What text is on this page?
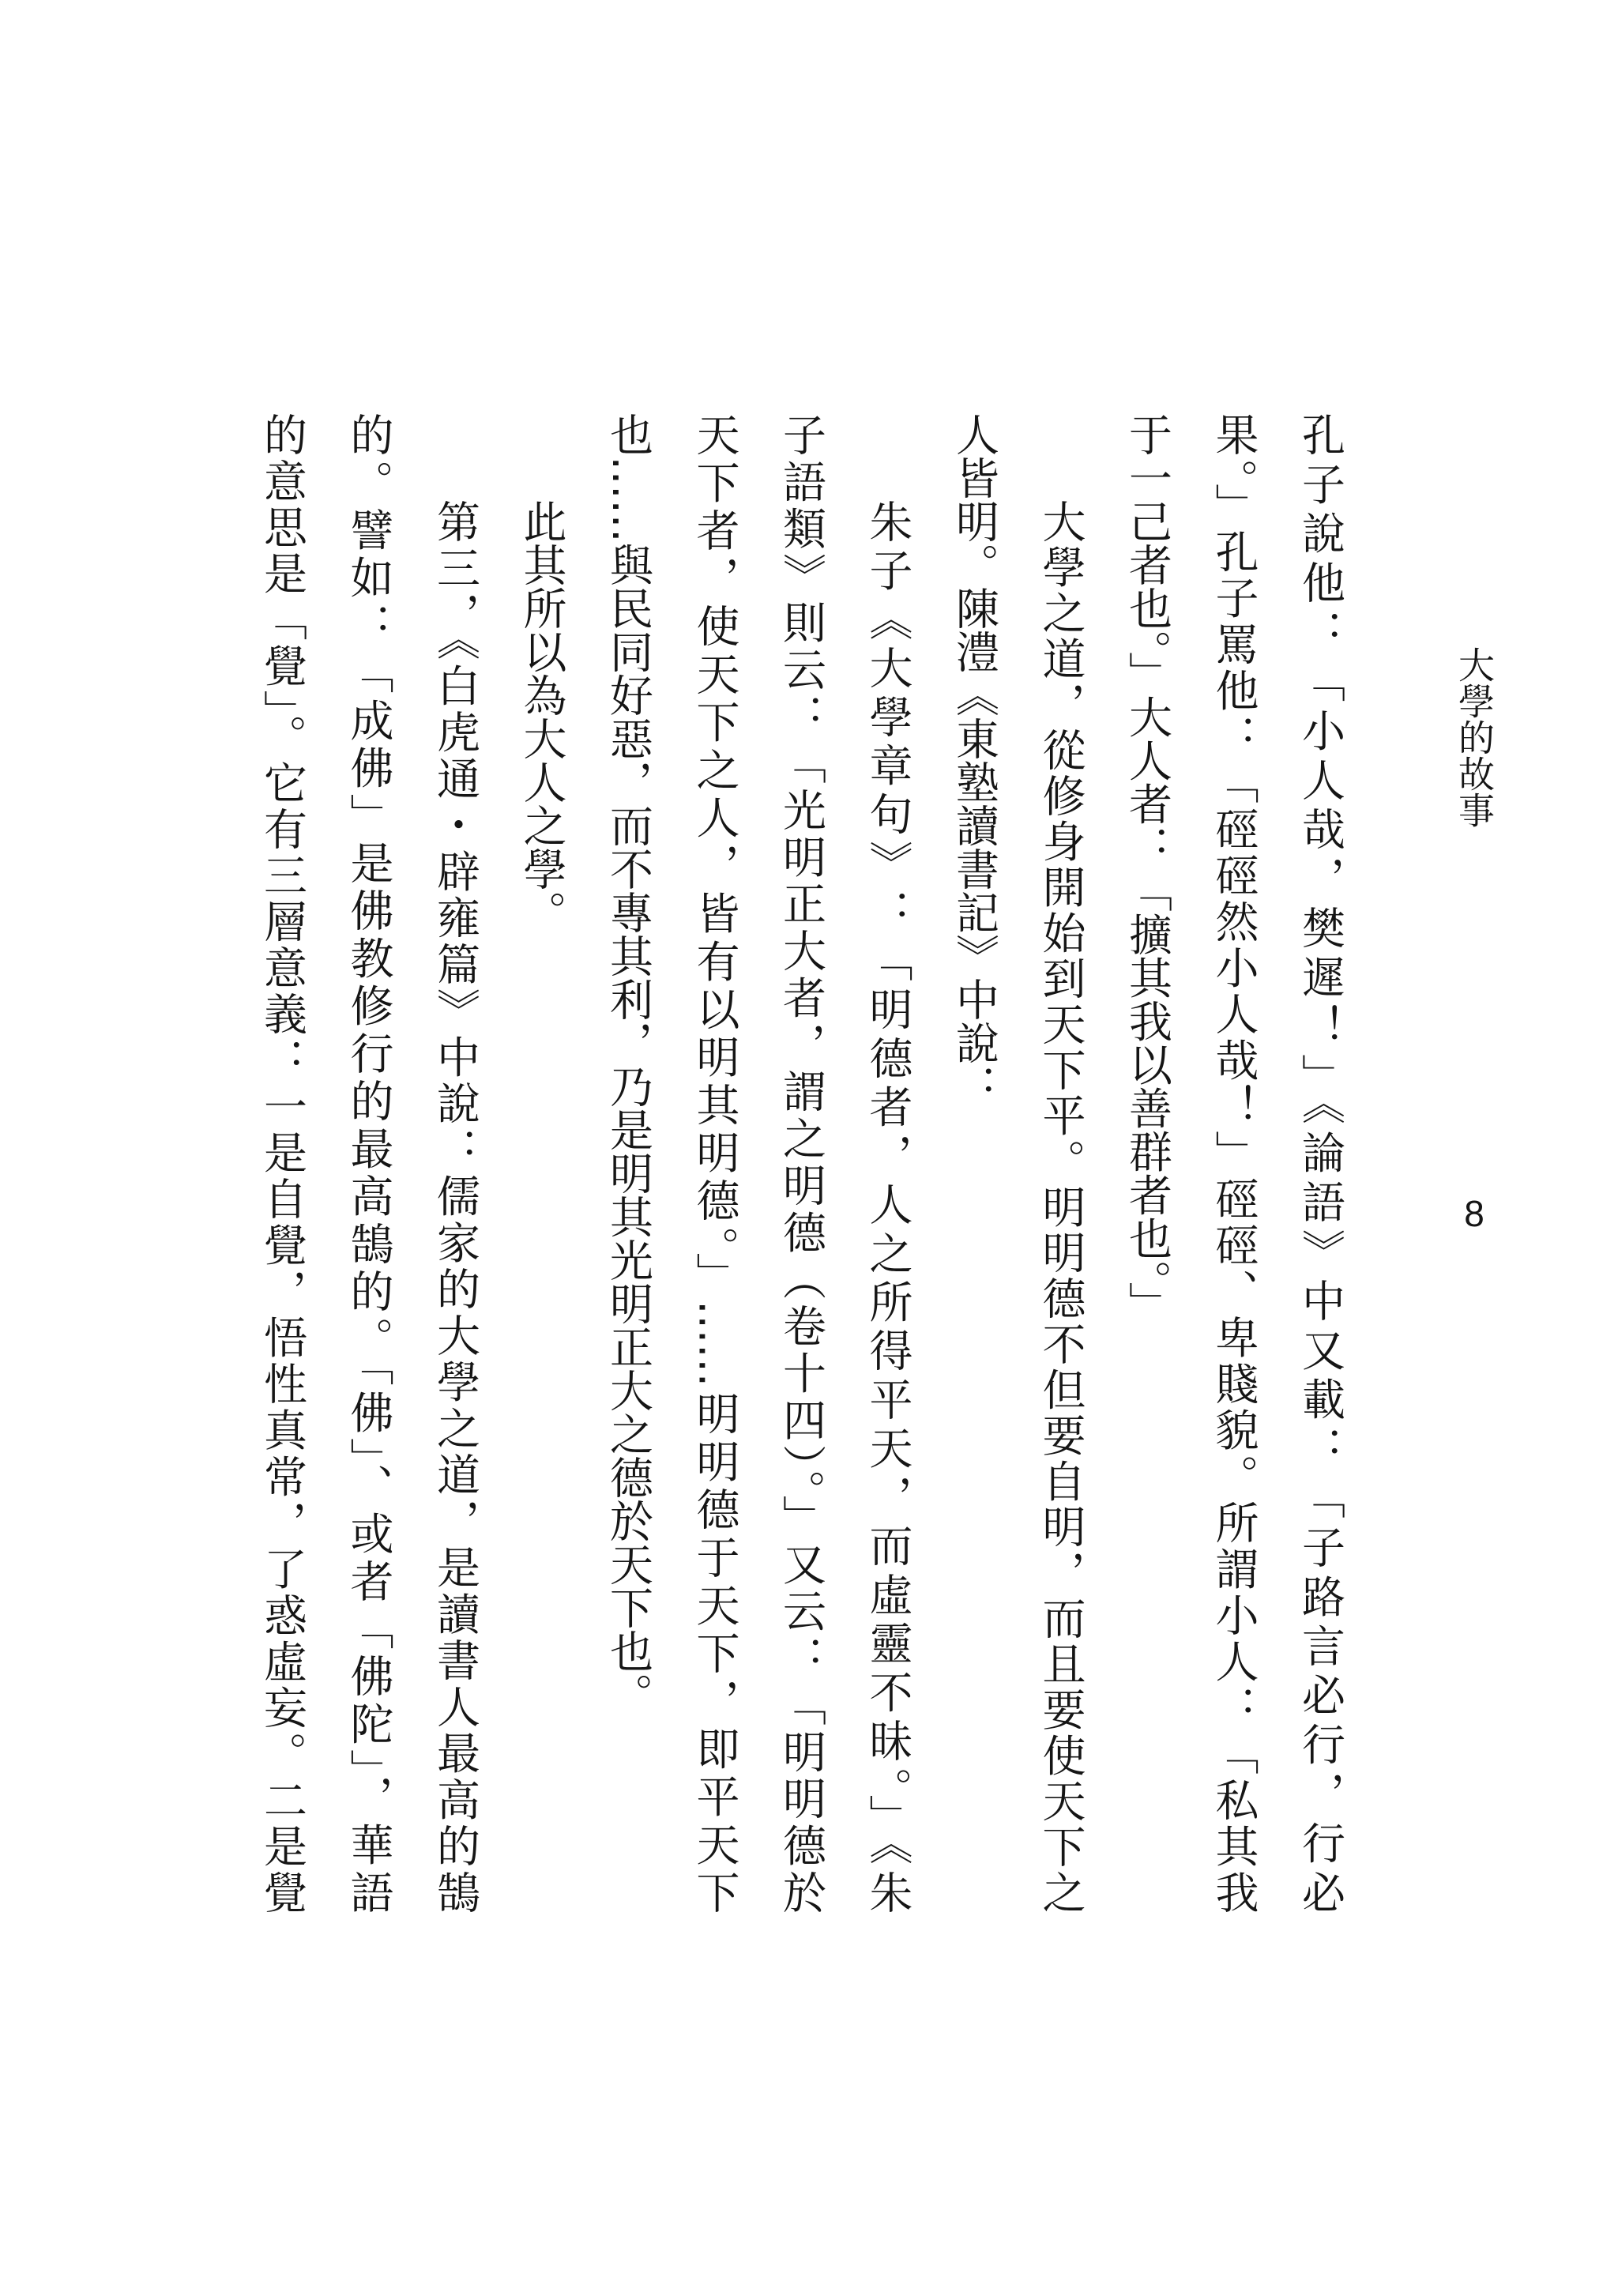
大學的故事
8
孔子說他：「小人哉，樊遲！」《論語》中又載：「子路言必行，行必
果。」孔子罵他：「硜硜然小人哉！」硜硜、卑賤貌。所謂小人：「私其我
于一己者也。」大人者：「擴其我以善群者也。」
大學之道，從修身開始到天下平。明明德不但要自明，而且要使天下之
人皆明。陳澧《東塾讀書記》中說：
朱子《大學章句》：「明德者，人之所得平天，而虛靈不昧。」《朱
子語類》則云：「光明正大者，謂之明德（卷十四）。」又云：「明明德於
天下者，使天下之人，皆有以明其明德。」……明明德于天下，即平天下
也……與民同好惡，而不專其利，乃是明其光明正大之德於天下也。
此其所以為大人之學。
第三，《白虎通・辟雍篇》中說：儒家的大學之道，是讀書人最高的鵠
的。譬如：「成佛」是佛教修行的最高鵠的。「佛」、或者「佛陀」，華語
的意思是「覺」。它有三層意義：一是自覺，悟性真常，了惑虛妄。二是覺
